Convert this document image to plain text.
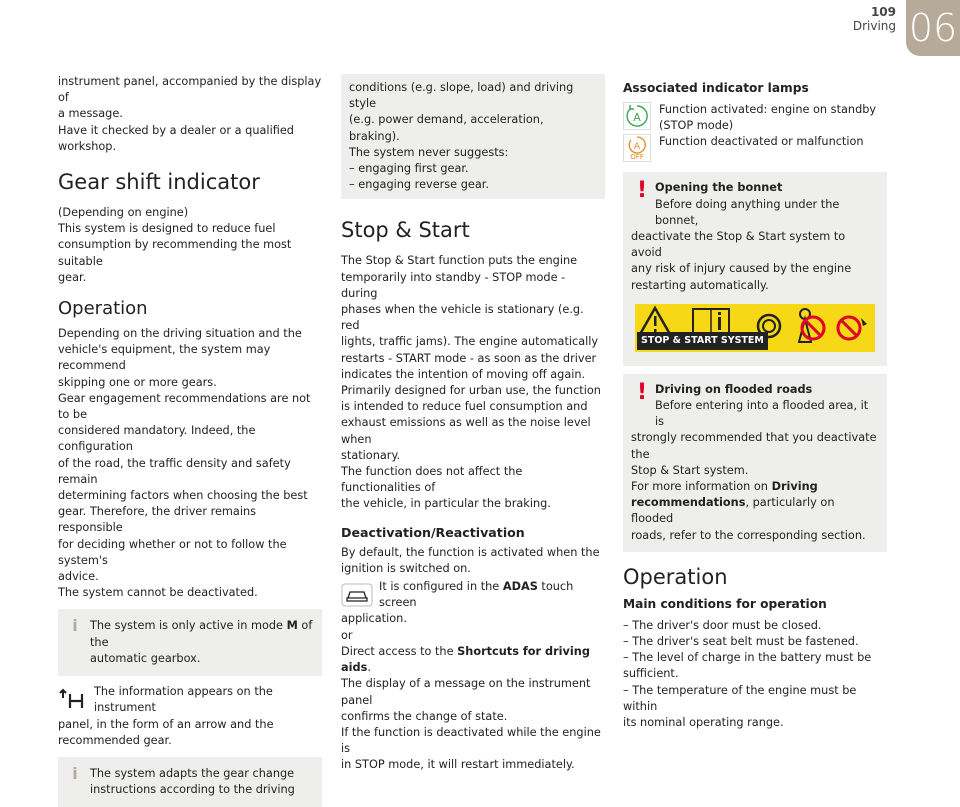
109
Driving 06

instrument panel, accompanied by the display of

a message.

Have it checked by a dealer or a qualified

workshop.

Gear shift indicator

(Depending on engine)

This system is designed to reduce fuel

consumption by recommending the most suitable

gear.

Operation

Depending on the driving situation and the

vehicle's equipment, the system may recommend

skipping one or more gears.

Gear engagement recommendations are not to be

considered mandatory. Indeed, the configuration

of the road, the traffic density and safety remain

determining factors when choosing the best

gear. Therefore, the driver remains responsible

for deciding whether or not to follow the system's

advice.

The system cannot be deactivated.

i	The system is only active in mode M of the

automatic gearbox.

The information appears on the instrument

panel, in the form of an arrow and the

recommended gear.

i	The system adapts the gear change

instructions according to the driving

conditions (e.g. slope, load) and driving style

(e.g. power demand, acceleration, braking).

The system never suggests:

– engaging first gear.

– engaging reverse gear.

Stop & Start

The Stop & Start function puts the engine

temporarily into standby - STOP mode - during

phases when the vehicle is stationary (e.g. red

lights, traffic jams). The engine automatically

restarts - START mode - as soon as the driver

indicates the intention of moving off again.

Primarily designed for urban use, the function

is intended to reduce fuel consumption and

exhaust emissions as well as the noise level when

stationary.

The function does not affect the functionalities of

the vehicle, in particular the braking.

Deactivation/Reactivation

By default, the function is activated when the

ignition is switched on.

It is configured in the ADAS touch screen

application.

or

Direct access to the Shortcuts for driving aids.

The display of a message on the instrument panel

confirms the change of state.

If the function is deactivated while the engine is

in STOP mode, it will restart immediately.

Associated indicator lamps
A

Function activated: engine on standby

(STOP mode)

A
OFF

Function deactivated or malfunction

! Opening the bonnet

Before doing anything under the bonnet,

deactivate the Stop & Start system to avoid

any risk of injury caused by the engine

restarting automatically.

STOP & START SYSTEM
! Driving on flooded roads

Before entering into a flooded area, it is

strongly recommended that you deactivate the

Stop & Start system.

For more information on Driving

recommendations, particularly on flooded

roads, refer to the corresponding section.

Operation
Main conditions for operation

– The driver's door must be closed.

– The driver's seat belt must be fastened.

– The level of charge in the battery must be

sufficient.

– The temperature of the engine must be within

its nominal operating range.
